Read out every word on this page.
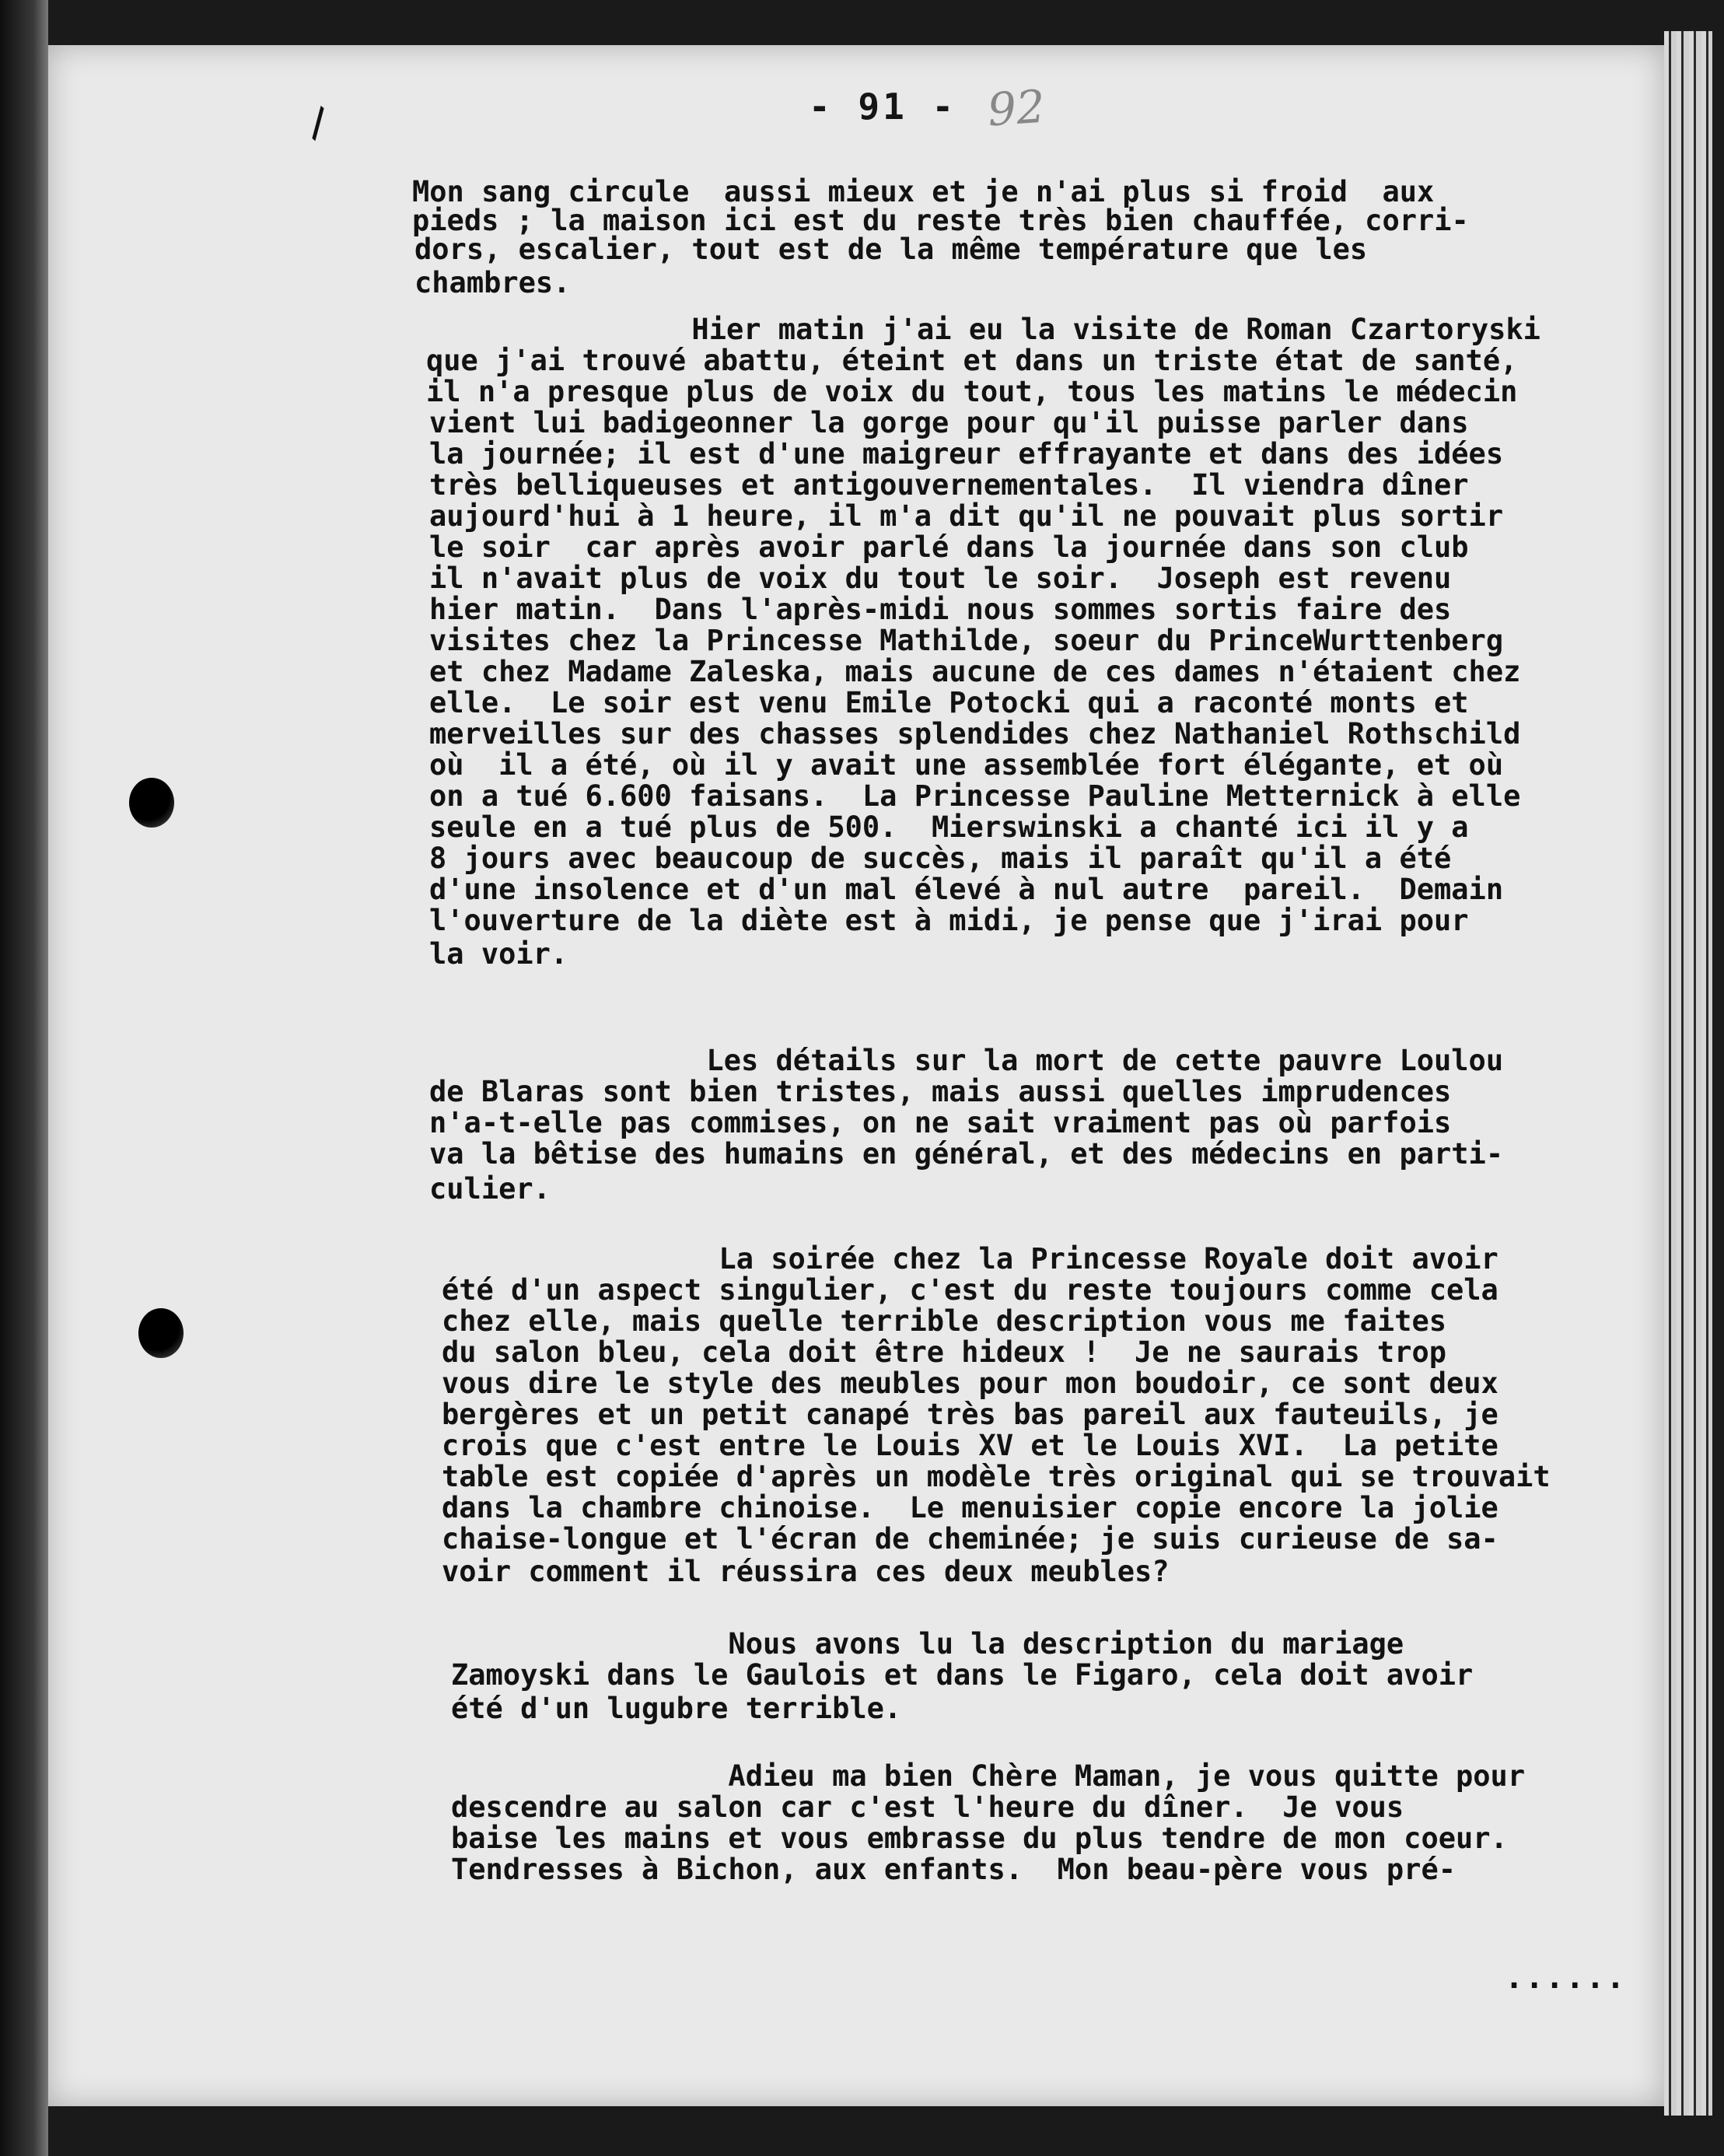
\	- 91 - 92
Mon sang circule  aussi mieux et je n'ai plus si froid  aux
pieds ; la maison ici est du reste très bien chauffée, corri-
dors, escalier, tout est de la même température que les
chambres.
Hier matin j'ai eu la visite de Roman Czartoryski
que j'ai trouvé abattu, éteint et dans un triste état de santé,
il n'a presque plus de voix du tout, tous les matins le médecin
vient lui badigeonner la gorge pour qu'il puisse parler dans
la journée; il est d'une maigreur effrayante et dans des idées
très belliqueuses et antigouvernementales.  Il viendra dîner
aujourd'hui à 1 heure, il m'a dit qu'il ne pouvait plus sortir
le soir  car après avoir parlé dans la journée dans son club
il n'avait plus de voix du tout le soir.  Joseph est revenu
hier matin.  Dans l'après-midi nous sommes sortis faire des
visites chez la Princesse Mathilde, soeur du PrinceWurttenberg
et chez Madame Zaleska, mais aucune de ces dames n'étaient chez
elle.  Le soir est venu Emile Potocki qui a raconté monts et
merveilles sur des chasses splendides chez Nathaniel Rothschild
où  il a été, où il y avait une assemblée fort élégante, et où
on a tué 6.600 faisans.  La Princesse Pauline Metternick à elle
seule en a tué plus de 500.  Mierswinski a chanté ici il y a
8 jours avec beaucoup de succès, mais il paraît qu'il a été
d'une insolence et d'un mal élevé à nul autre  pareil.  Demain
l'ouverture de la diète est à midi, je pense que j'irai pour
la voir.
Les détails sur la mort de cette pauvre Loulou
de Blaras sont bien tristes, mais aussi quelles imprudences
n'a-t-elle pas commises, on ne sait vraiment pas où parfois
va la bêtise des humains en général, et des médecins en parti-
culier.
La soirée chez la Princesse Royale doit avoir
été d'un aspect singulier, c'est du reste toujours comme cela
chez elle, mais quelle terrible description vous me faites
du salon bleu, cela doit être hideux !  Je ne saurais trop
vous dire le style des meubles pour mon boudoir, ce sont deux
bergères et un petit canapé très bas pareil aux fauteuils, je
crois que c'est entre le Louis XV et le Louis XVI.  La petite
table est copiée d'après un modèle très original qui se trouvait
dans la chambre chinoise.  Le menuisier copie encore la jolie
chaise-longue et l'écran de cheminée; je suis curieuse de sa-
voir comment il réussira ces deux meubles?
Nous avons lu la description du mariage
Zamoyski dans le Gaulois et dans le Figaro, cela doit avoir
été d'un lugubre terrible.
Adieu ma bien Chère Maman, je vous quitte pour
descendre au salon car c'est l'heure du dîner.  Je vous
baise les mains et vous embrasse du plus tendre de mon coeur.
Tendresses à Bichon, aux enfants.  Mon beau-père vous pré-
......
